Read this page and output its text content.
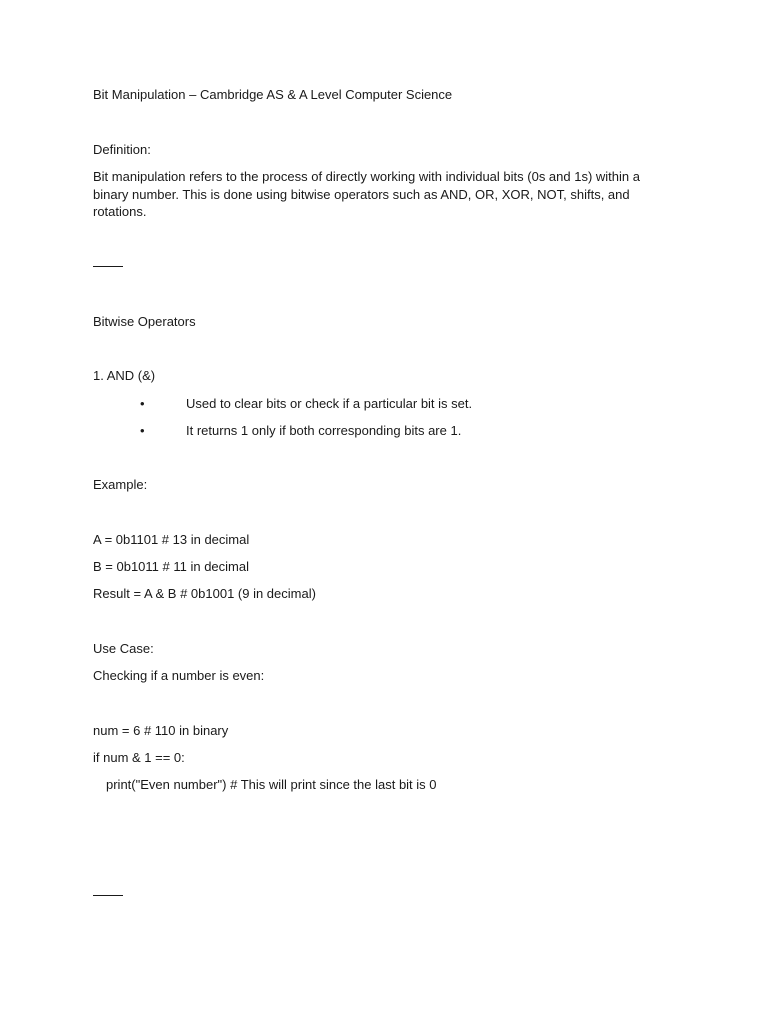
Bit Manipulation – Cambridge AS & A Level Computer Science
Definition:
Bit manipulation refers to the process of directly working with individual bits (0s and 1s) within a binary number. This is done using bitwise operators such as AND, OR, XOR, NOT, shifts, and rotations.
Bitwise Operators
1. AND (&)
•	Used to clear bits or check if a particular bit is set.
•	It returns 1 only if both corresponding bits are 1.
Example:
A = 0b1101 # 13 in decimal
B = 0b1011 # 11 in decimal
Result = A & B # 0b1001 (9 in decimal)
Use Case:
Checking if a number is even:
num = 6 # 110 in binary
if num & 1 == 0:
print("Even number") # This will print since the last bit is 0
